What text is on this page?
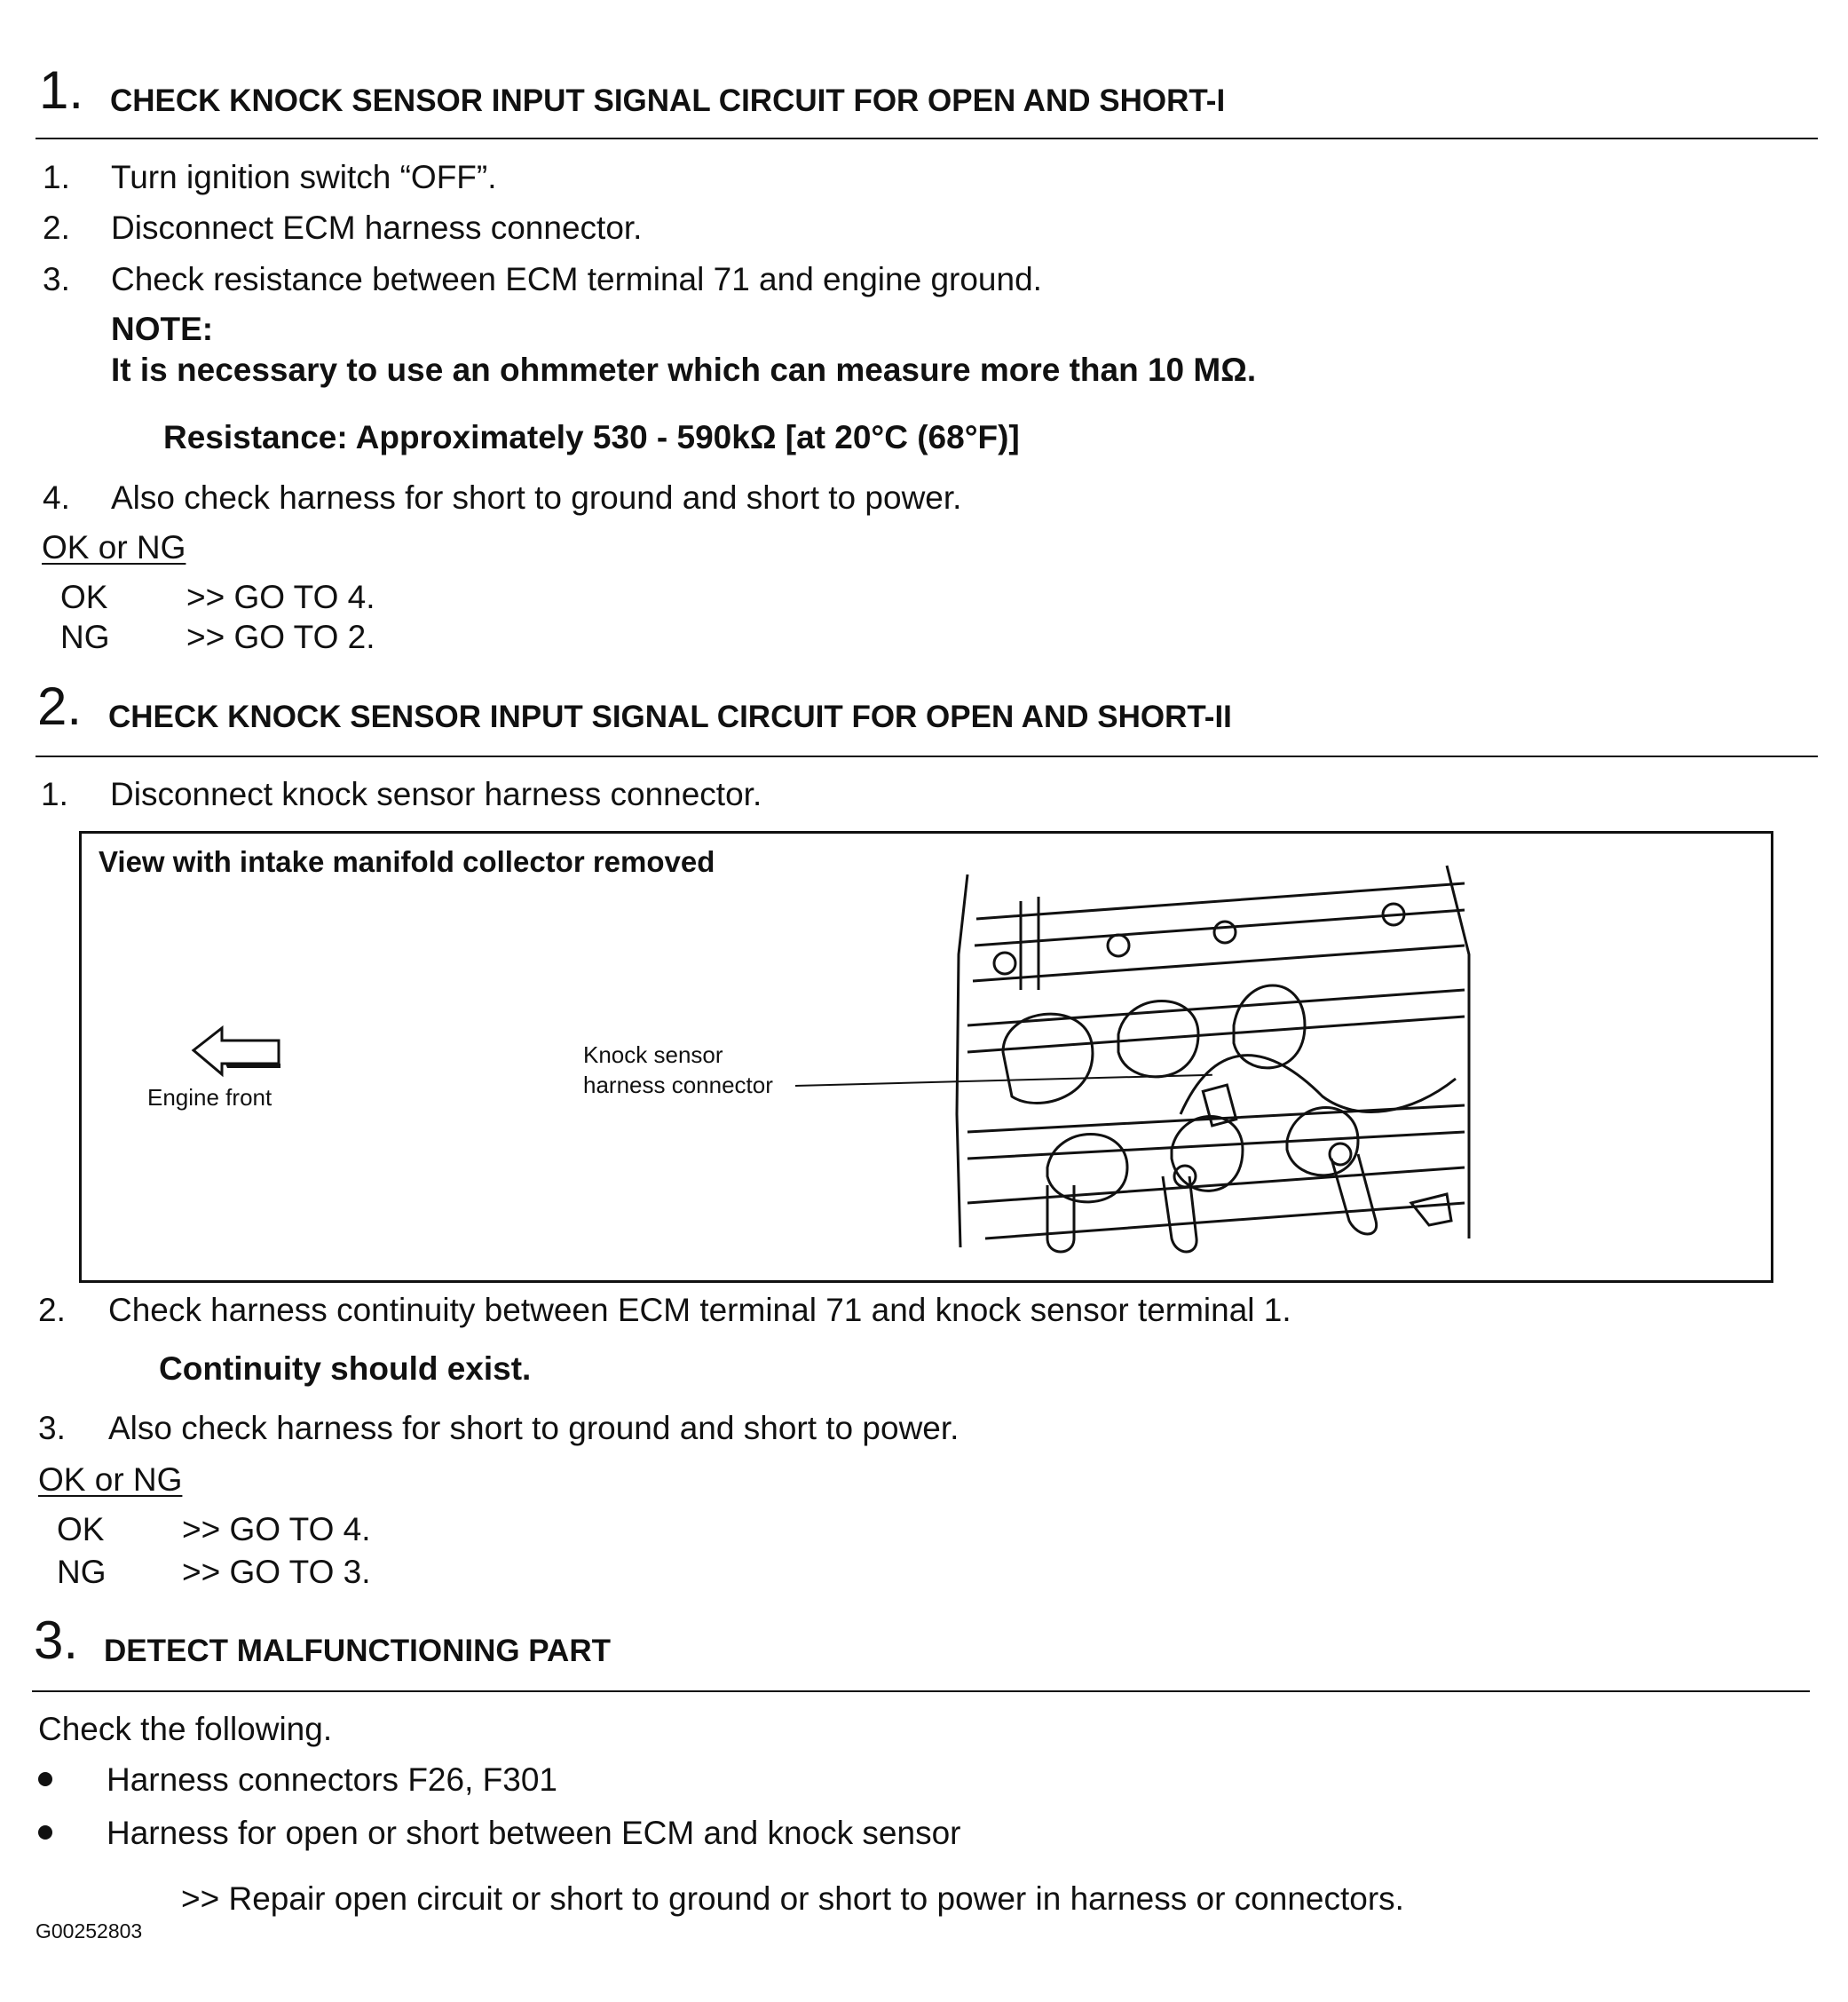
1. CHECK KNOCK SENSOR INPUT SIGNAL CIRCUIT FOR OPEN AND SHORT-I
1. Turn ignition switch “OFF”.
2. Disconnect ECM harness connector.
3. Check resistance between ECM terminal 71 and engine ground.
NOTE:
It is necessary to use an ohmmeter which can measure more than 10 MΩ.
Resistance: Approximately 530 - 590kΩ [at 20°C (68°F)]
4. Also check harness for short to ground and short to power.
OK or NG
OK >> GO TO 4.
NG >> GO TO 2.
2. CHECK KNOCK SENSOR INPUT SIGNAL CIRCUIT FOR OPEN AND SHORT-II
1. Disconnect knock sensor harness connector.
View with intake manifold collector removed
Engine front
Knock sensor
harness connector
2. Check harness continuity between ECM terminal 71 and knock sensor terminal 1.
Continuity should exist.
3. Also check harness for short to ground and short to power.
OK or NG
OK >> GO TO 4.
NG >> GO TO 3.
3. DETECT MALFUNCTIONING PART
Check the following.
Harness connectors F26, F301
Harness for open or short between ECM and knock sensor
>> Repair open circuit or short to ground or short to power in harness or connectors.
G00252803
